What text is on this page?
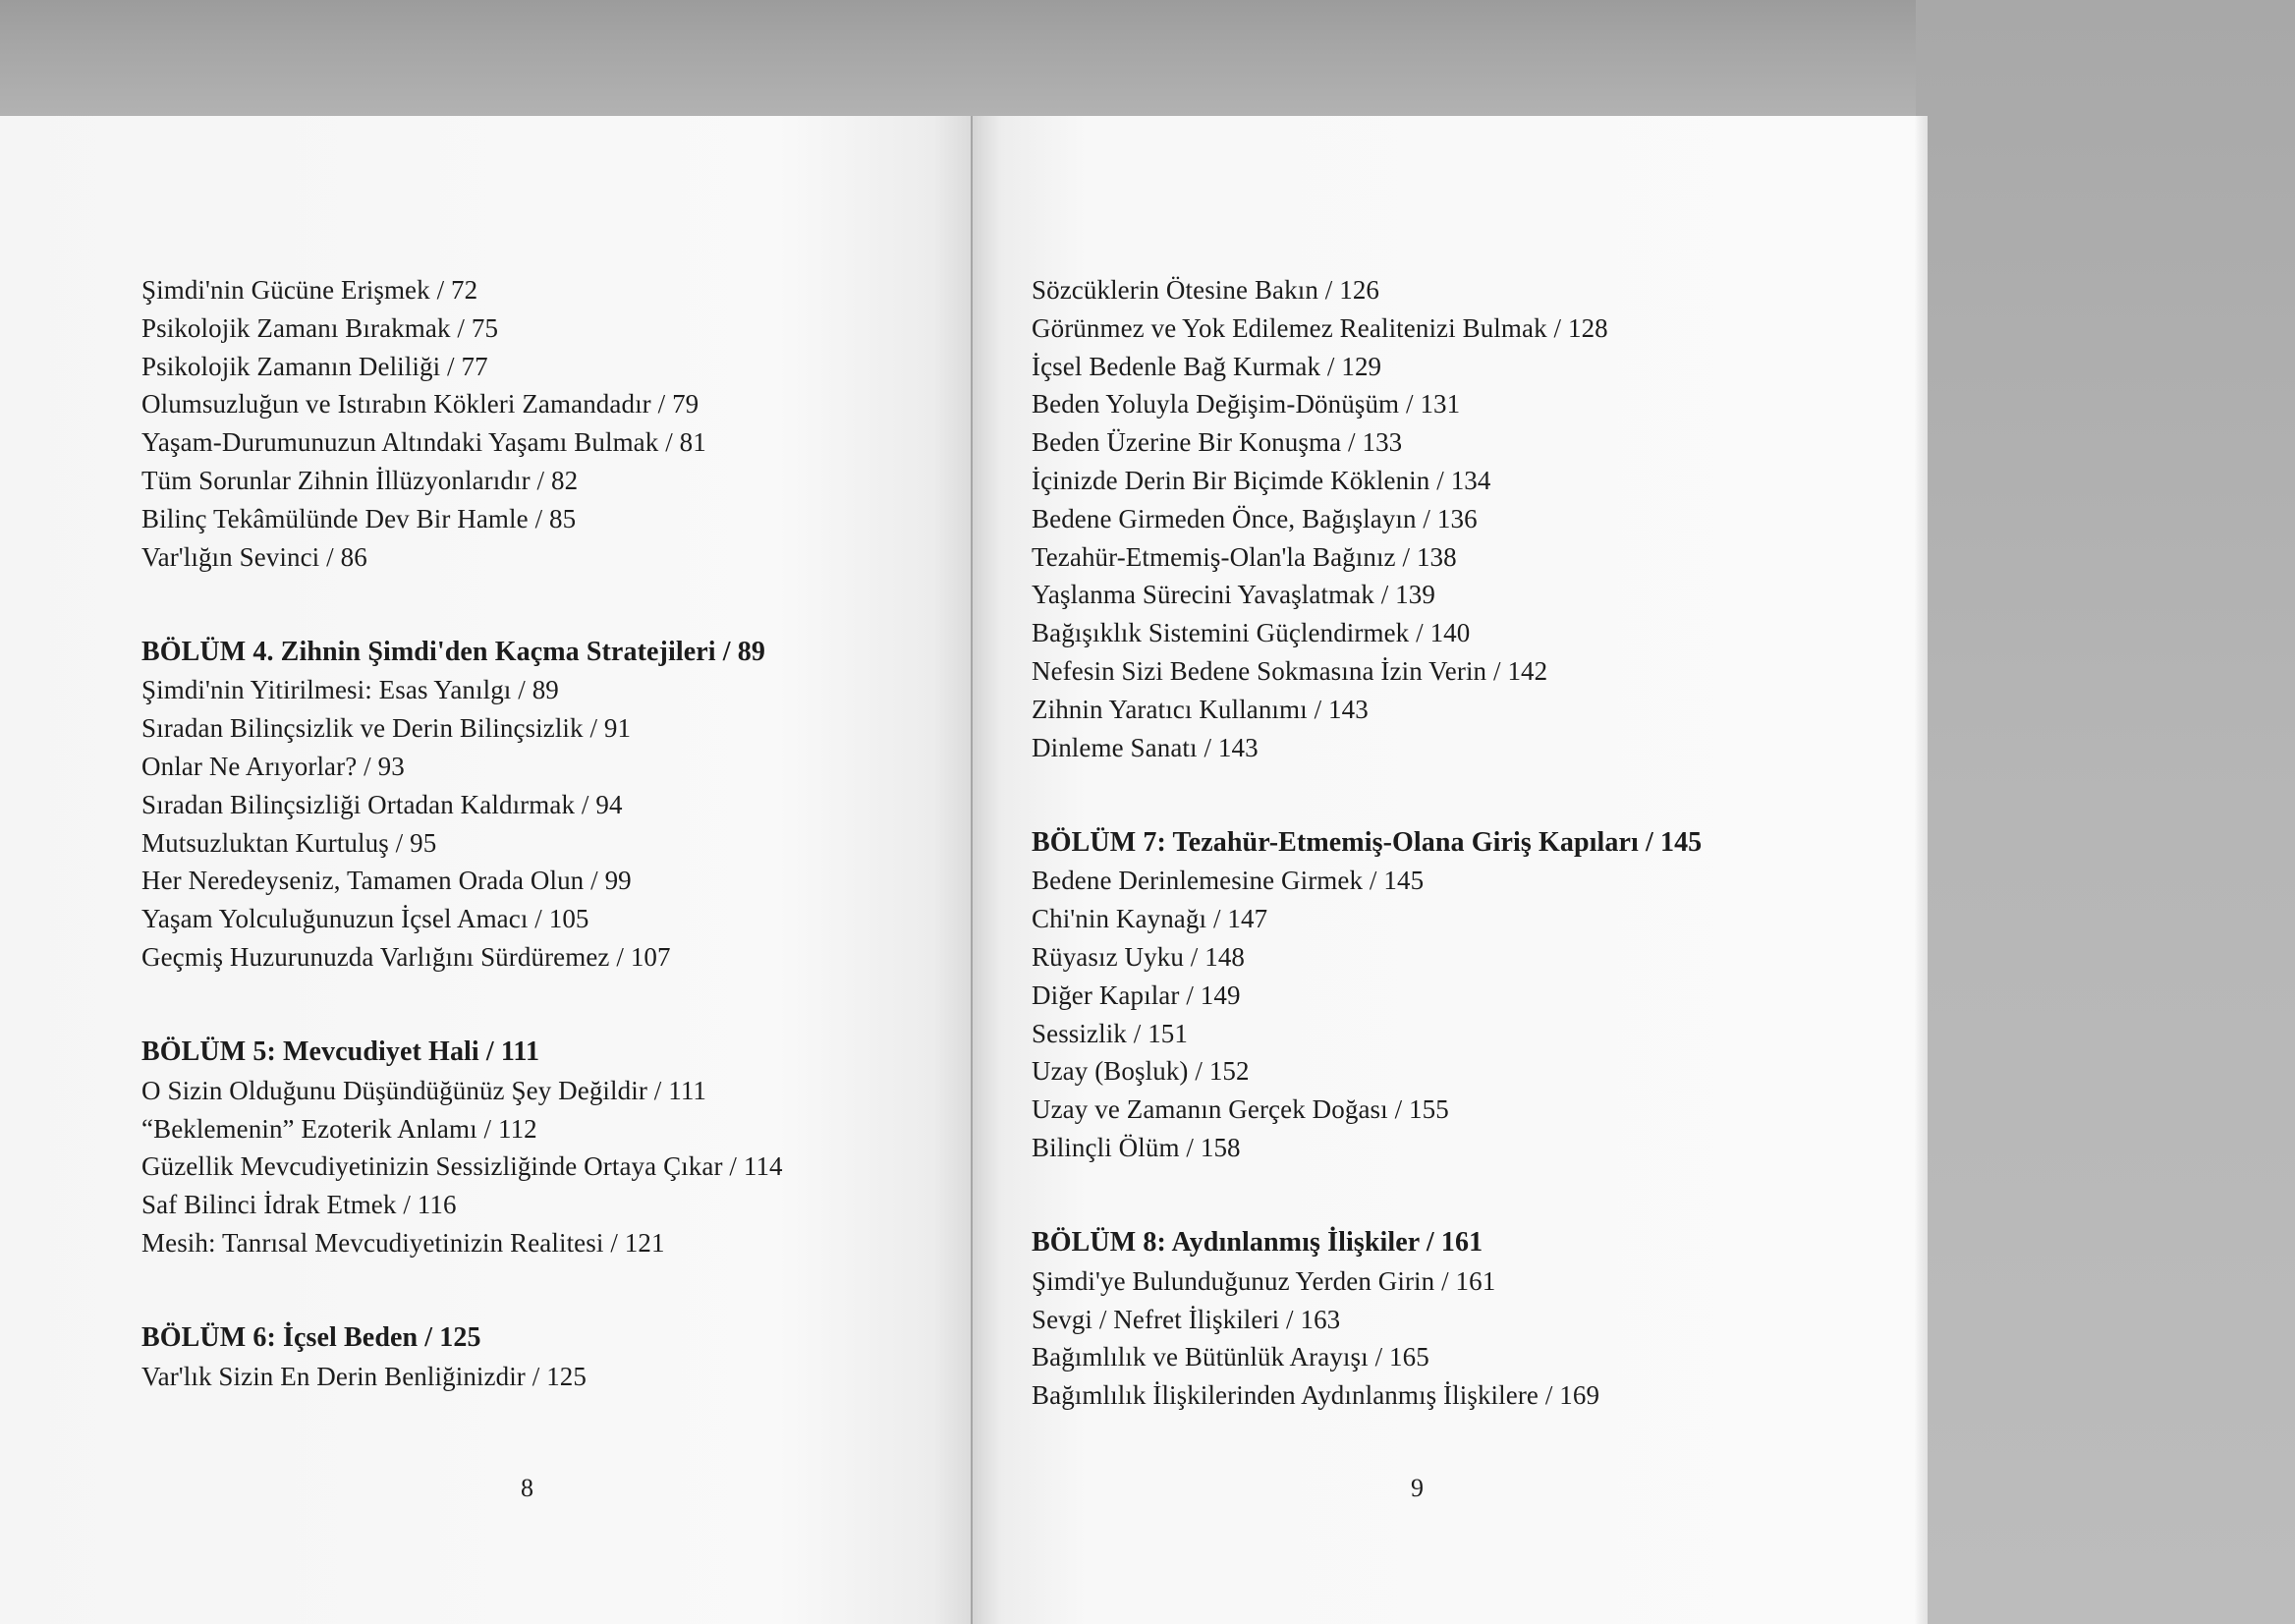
Şimdi'nin Gücüne Erişmek / 72
Psikolojik Zamanı Bırakmak / 75
Psikolojik Zamanın Deliliği / 77
Olumsuzluğun ve Istırabın Kökleri Zamandadır / 79
Yaşam-Durumunuzun Altındaki Yaşamı Bulmak / 81
Tüm Sorunlar Zihnin İllüzyonlarıdır / 82
Bilinç Tekâmülünde Dev Bir Hamle / 85
Var'lığın Sevinci / 86
BÖLÜM 4. Zihnin Şimdi'den Kaçma Stratejileri / 89
Şimdi'nin Yitirilmesi: Esas Yanılgı / 89
Sıradan Bilinçsizlik ve Derin Bilinçsizlik / 91
Onlar Ne Arıyorlar? / 93
Sıradan Bilinçsizliği Ortadan Kaldırmak / 94
Mutsuzluktan Kurtuluş / 95
Her Neredeyseniz, Tamamen Orada Olun / 99
Yaşam Yolculuğunuzun İçsel Amacı / 105
Geçmiş Huzurunuzda Varlığını Sürdüremez / 107
BÖLÜM 5: Mevcudiyet Hali / 111
O Sizin Olduğunu Düşündüğünüz Şey Değildir / 111
“Beklemenin” Ezoterik Anlamı / 112
Güzellik Mevcudiyetinizin Sessizliğinde Ortaya Çıkar / 114
Saf Bilinci İdrak Etmek / 116
Mesih: Tanrısal Mevcudiyetinizin Realitesi / 121
BÖLÜM 6: İçsel Beden / 125
Var'lık Sizin En Derin Benliğinizdir / 125
8
Sözcüklerin Ötesine Bakın / 126
Görünmez ve Yok Edilemez Realitenizi Bulmak / 128
İçsel Bedenle Bağ Kurmak / 129
Beden Yoluyla Değişim-Dönüşüm / 131
Beden Üzerine Bir Konuşma / 133
İçinizde Derin Bir Biçimde Köklenin / 134
Bedene Girmeden Önce, Bağışlayın / 136
Tezahür-Etmemiş-Olan'la Bağınız / 138
Yaşlanma Sürecini Yavaşlatmak / 139
Bağışıklık Sistemini Güçlendirmek / 140
Nefesin Sizi Bedene Sokmasına İzin Verin / 142
Zihnin Yaratıcı Kullanımı / 143
Dinleme Sanatı / 143
BÖLÜM 7: Tezahür-Etmemiş-Olana Giriş Kapıları / 145
Bedene Derinlemesine Girmek / 145
Chi'nin Kaynağı / 147
Rüyasız Uyku / 148
Diğer Kapılar / 149
Sessizlik / 151
Uzay (Boşluk) / 152
Uzay ve Zamanın Gerçek Doğası / 155
Bilinçli Ölüm / 158
BÖLÜM 8: Aydınlanmış İlişkiler / 161
Şimdi'ye Bulunduğunuz Yerden Girin / 161
Sevgi / Nefret İlişkileri / 163
Bağımlılık ve Bütünlük Arayışı / 165
Bağımlılık İlişkilerinden Aydınlanmış İlişkilere / 169
9
